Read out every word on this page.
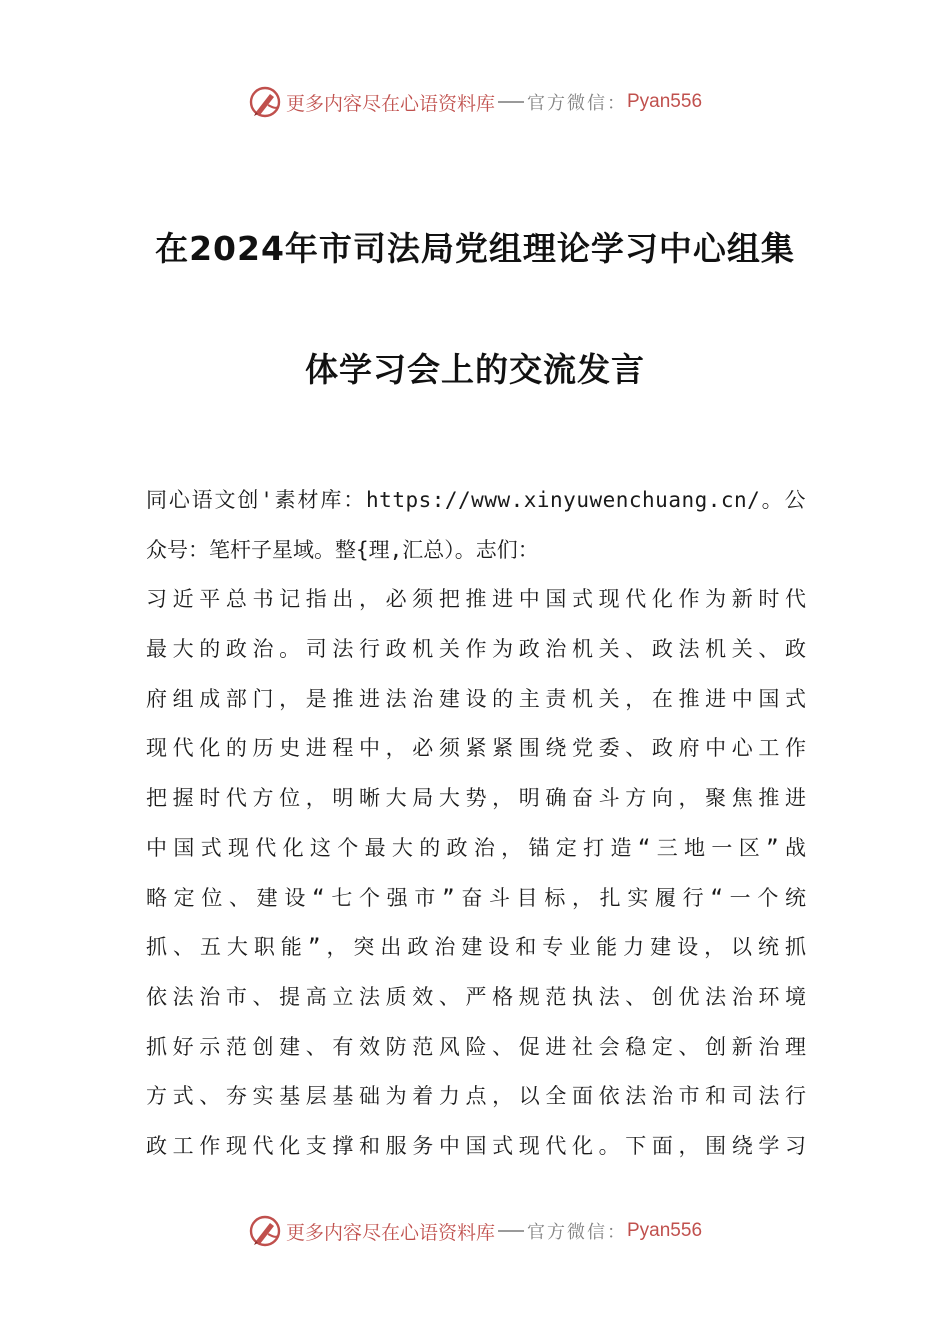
更多内容尽在心语资料库 官方微信： Pyan556
在2024年市司法局党组理论学习中心组集
体学习会上的交流发言
同心语文创'素材库：https://www.xinyuwenchuang.cn/。公
众号：笔杆子星域。整{理,汇总）。志们：
习近平总书记指出，必须把推进中国式现代化作为新时代
最大的政治。司法行政机关作为政治机关、政法机关、政
府组成部门，是推进法治建设的主责机关，在推进中国式
现代化的历史进程中，必须紧紧围绕党委、政府中心工作
把握时代方位，明晰大局大势，明确奋斗方向，聚焦推进
中国式现代化这个最大的政治，锚定打造“三地一区”战
略定位、建设“七个强市”奋斗目标，扎实履行“一个统
抓、五大职能”，突出政治建设和专业能力建设，以统抓
依法治市、提高立法质效、严格规范执法、创优法治环境
抓好示范创建、有效防范风险、促进社会稳定、创新治理
方式、夯实基层基础为着力点，以全面依法治市和司法行
政工作现代化支撑和服务中国式现代化。下面，围绕学习
更多内容尽在心语资料库 官方微信： Pyan556
